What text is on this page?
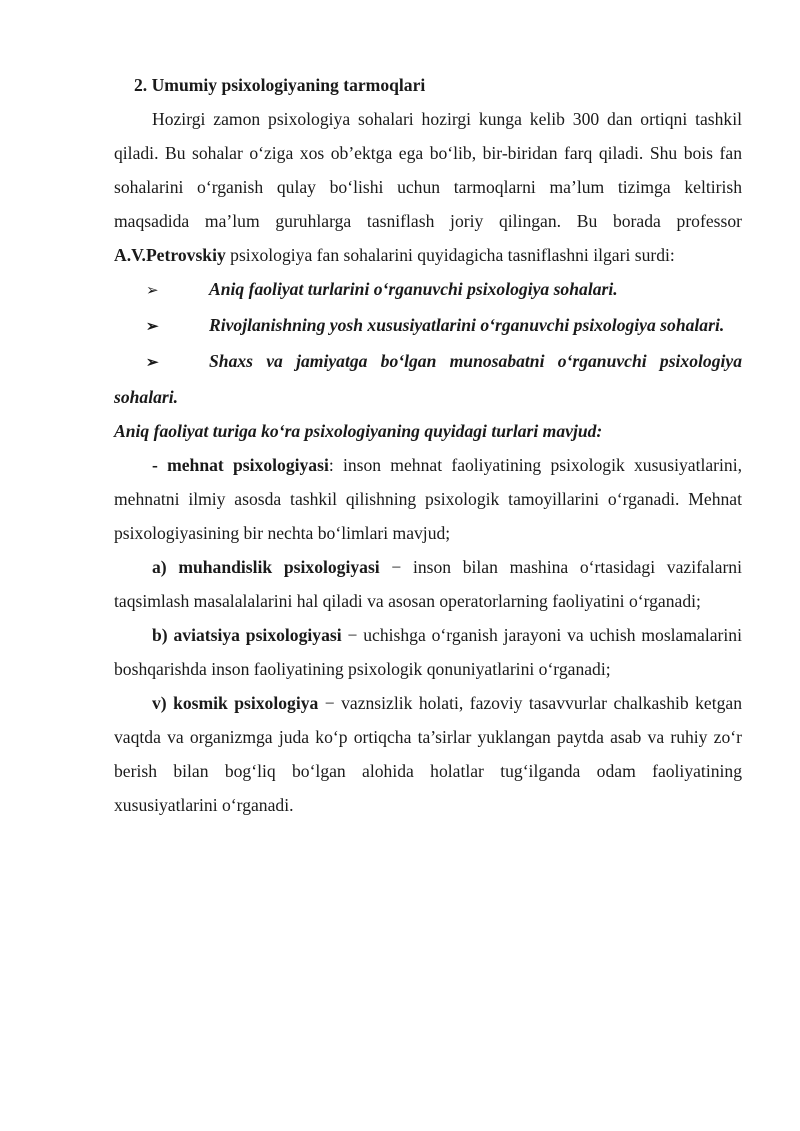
2. Umumiy psixologiyaning tarmoqlari

Hozirgi zamon psixologiya sohalari hozirgi kunga kelib 300 dan ortiqni tashkil qiladi. Bu sohalar o‘ziga xos ob’ektga ega bo‘lib, bir-biridan farq qiladi. Shu bois fan sohalarini o‘rganish qulay bo‘lishi uchun tarmoqlarni ma’lum tizimga keltirish maqsadida ma’lum guruhlarga tasniflash joriy qilingan. Bu borada professor A.V.Petrovskiy psixologiya fan sohalarini quyidagicha tasniflashni ilgari surdi:

➢	Aniq faoliyat turlarini o‘rganuvchi psixologiya sohalari.

➢	Rivojlanishning yosh xususiyatlarini o‘rganuvchi psixologiya sohalari.

➢	Shaxs va jamiyatga bo‘lgan munosabatni o‘rganuvchi psixologiya sohalari.

Aniq faoliyat turiga ko‘ra psixologiyaning quyidagi turlari mavjud:

- mehnat psixologiyasi: inson mehnat faoliyatining psixologik xususiyatlarini, mehnatni ilmiy asosda tashkil qilishning psixologik tamoyillarini o‘rganadi. Mehnat psixologiyasining bir nechta bo‘limlari mavjud;

a) muhandislik psixologiyasi − inson bilan mashina o‘rtasidagi vazifalarni taqsimlash masalalalarini hal qiladi va asosan operatorlarning faoliyatini o‘rganadi;

b) aviatsiya psixologiyasi − uchishga o‘rganish jarayoni va uchish moslamalarini boshqarishda inson faoliyatining psixologik qonuniyatlarini o‘rganadi;

v) kosmik psixologiya − vaznsizlik holati, fazoviy tasavvurlar chalkashib ketgan vaqtda va organizmga juda ko‘p ortiqcha ta’sirlar yuklangan paytda asab va ruhiy zo‘r berish bilan bog‘liq bo‘lgan alohida holatlar tug‘ilganda odam faoliyatining xususiyatlarini o‘rganadi.
